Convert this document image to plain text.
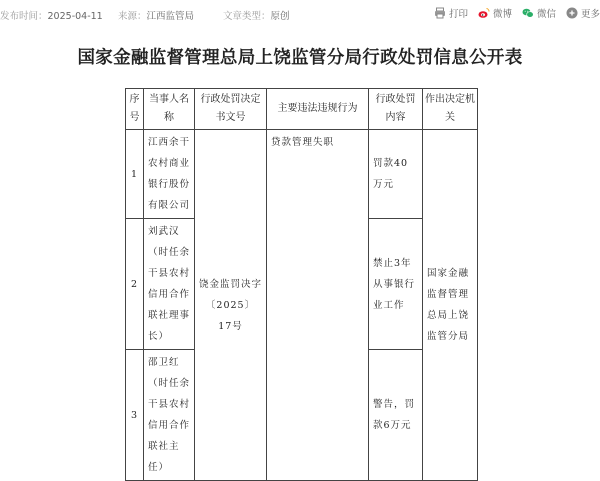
发布时间：2025-04-11 来源：江西监管局	文章类型：原创	打印	微博	微信	更多
国家金融监督管理总局上饶监管分局行政处罚信息公开表
序号	当事人名称	行政处罚决定书文号	主要违法违规行为	行政处罚内容	作出决定机关
1	江西余干农村商业银行股份有限公司	饶金监罚决字〔2025〕17号	贷款管理失职	罚款40万元	国家金融监督管理总局上饶监管分局
2	刘武汉（时任余干县农村信用合作联社理事长）			禁止3年从事银行业工作	
3	邵卫红（时任余干县农村信用合作联社主任）			警告，罚款6万元	
